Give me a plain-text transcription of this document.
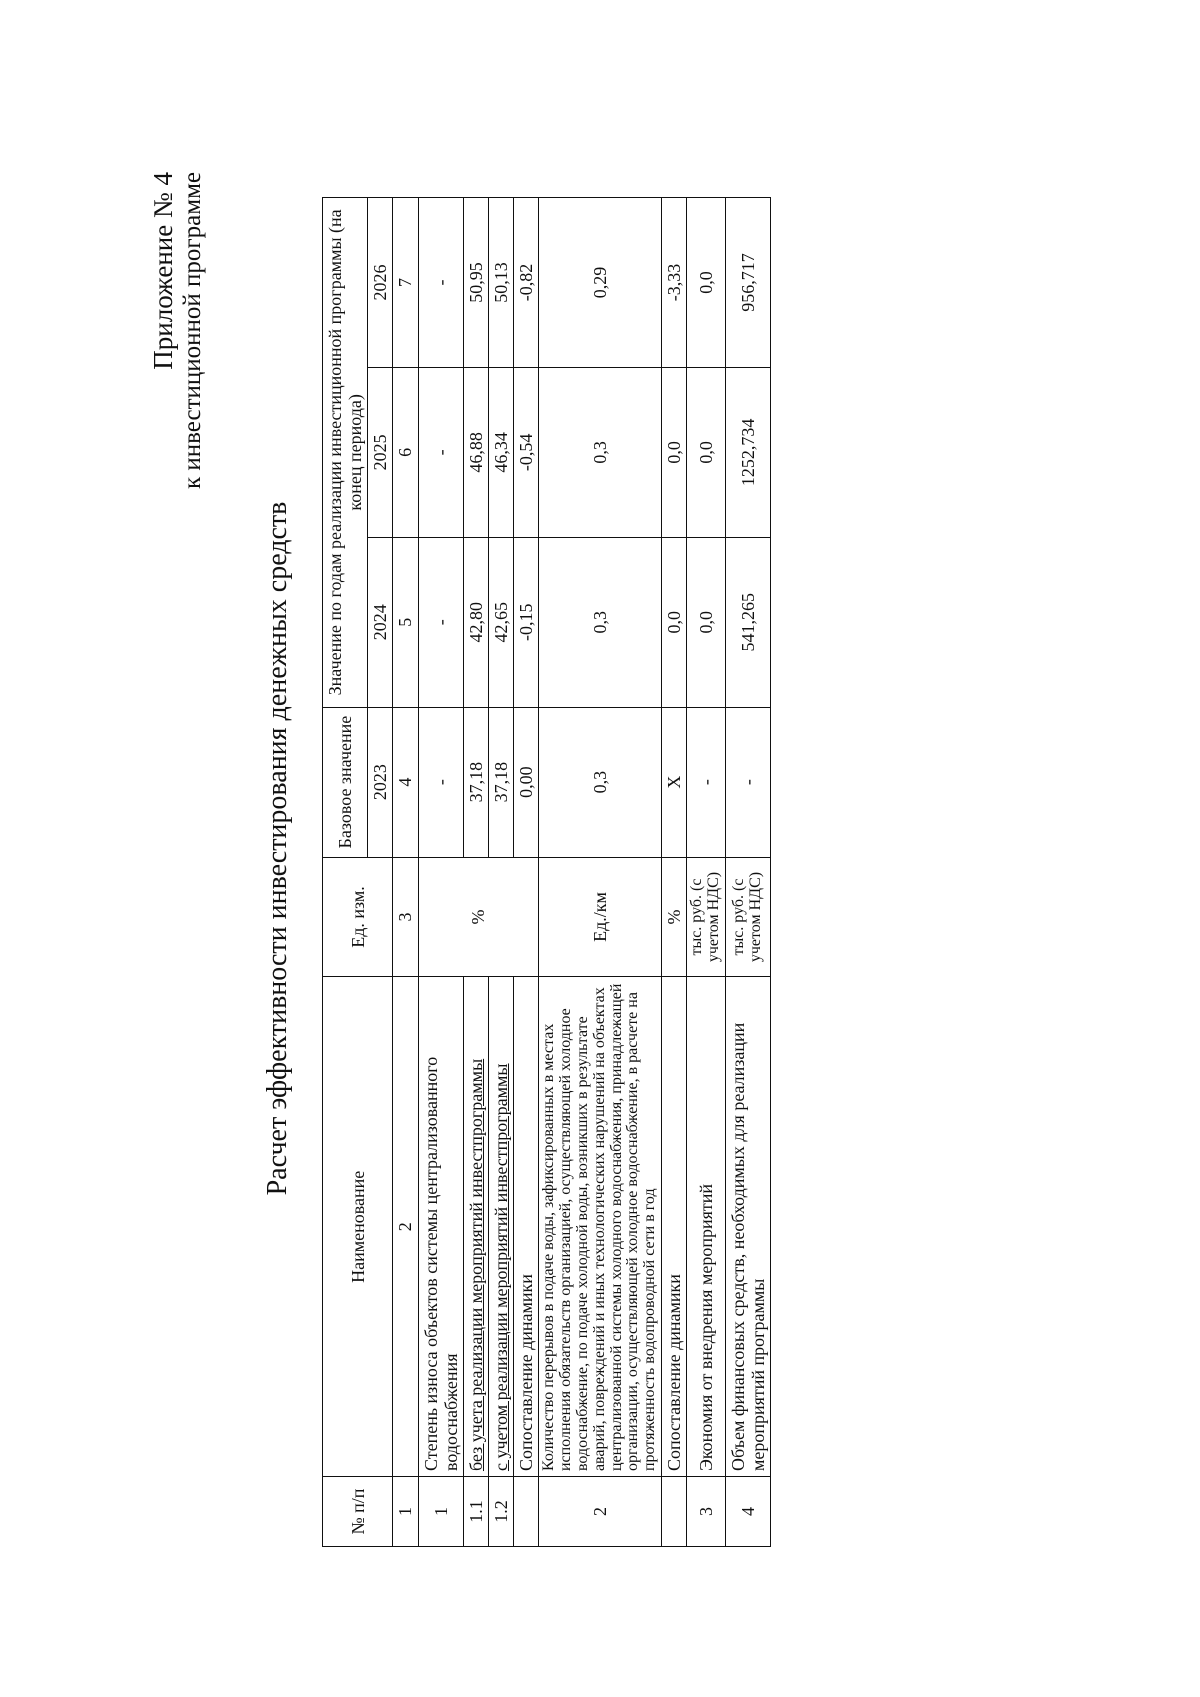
Приложение № 4 к инвестиционной программе
Расчет эффективности инвестирования денежных средств
№ п/п	Наименование	Ед. изм.	Базовое значение	Значение по годам реализации инвестиционной программы (на конец периода)		
			2023	2024	2025	2026
1	2	3	4	5	6	7
1	Степень износа объектов системы централизованного водоснабжения	%	-	-	-	-
1.1	без учета реализации мероприятий инвестпрограммы		37,18	42,80	46,88	50,95
1.2	с учетом реализации мероприятий инвестпрограммы		37,18	42,65	46,34	50,13
	Сопоставление динамики		0,00	-0,15	-0,54	-0,82
2	Количество перерывов в подаче воды, зафиксированных в местах исполнения обязательств организацией, осуществляющей холодное водоснабжение, по подаче холодной воды, возникших в результате аварий, повреждений и иных технологических нарушений на объектах централизованной системы холодного водоснабжения, принадлежащей организации, осуществляющей холодное водоснабжение, в расчете на протяженность водопроводной сети в год	Ед./км	0,3	0,3	0,3	0,29
	Сопоставление динамики	%	Х	0,0	0,0	-3,33
3	Экономия от внедрения мероприятий	тыс. руб. (с учетом НДС)	-	0,0	0,0	0,0
4	Объем финансовых средств, необходимых для реализации мероприятий программы	тыс. руб. (с учетом НДС)	-	541,265	1252,734	956,717
